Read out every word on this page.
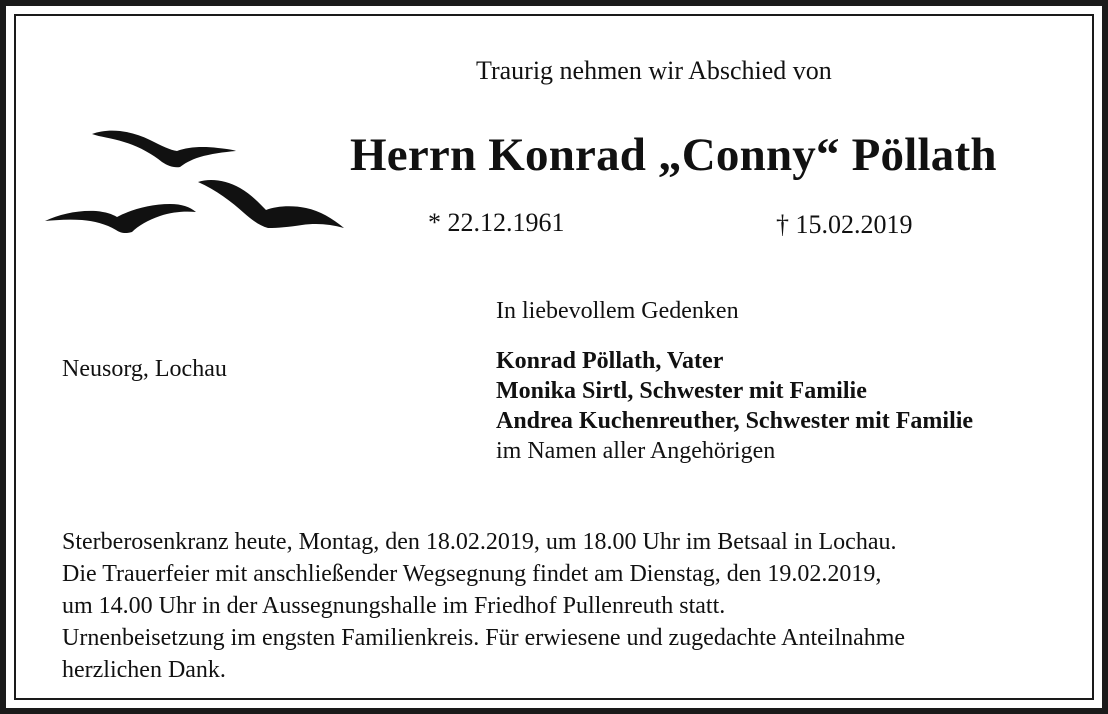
Traurig nehmen wir Abschied von
Herrn Konrad „Conny“ Pöllath
* 22.12.1961	† 15.02.2019
In liebevollem Gedenken
Neusorg, Lochau	Konrad Pöllath, Vater
Monika Sirtl, Schwester mit Familie
Andrea Kuchenreuther, Schwester mit Familie
im Namen aller Angehörigen
Sterberosenkranz heute, Montag, den 18.02.2019, um 18.00 Uhr im Betsaal in Lochau.
Die Trauerfeier mit anschließender Wegsegnung findet am Dienstag, den 19.02.2019,
um 14.00 Uhr in der Aussegnungshalle im Friedhof Pullenreuth statt.
Urnenbeisetzung im engsten Familienkreis. Für erwiesene und zugedachte Anteilnahme
herzlichen Dank.
